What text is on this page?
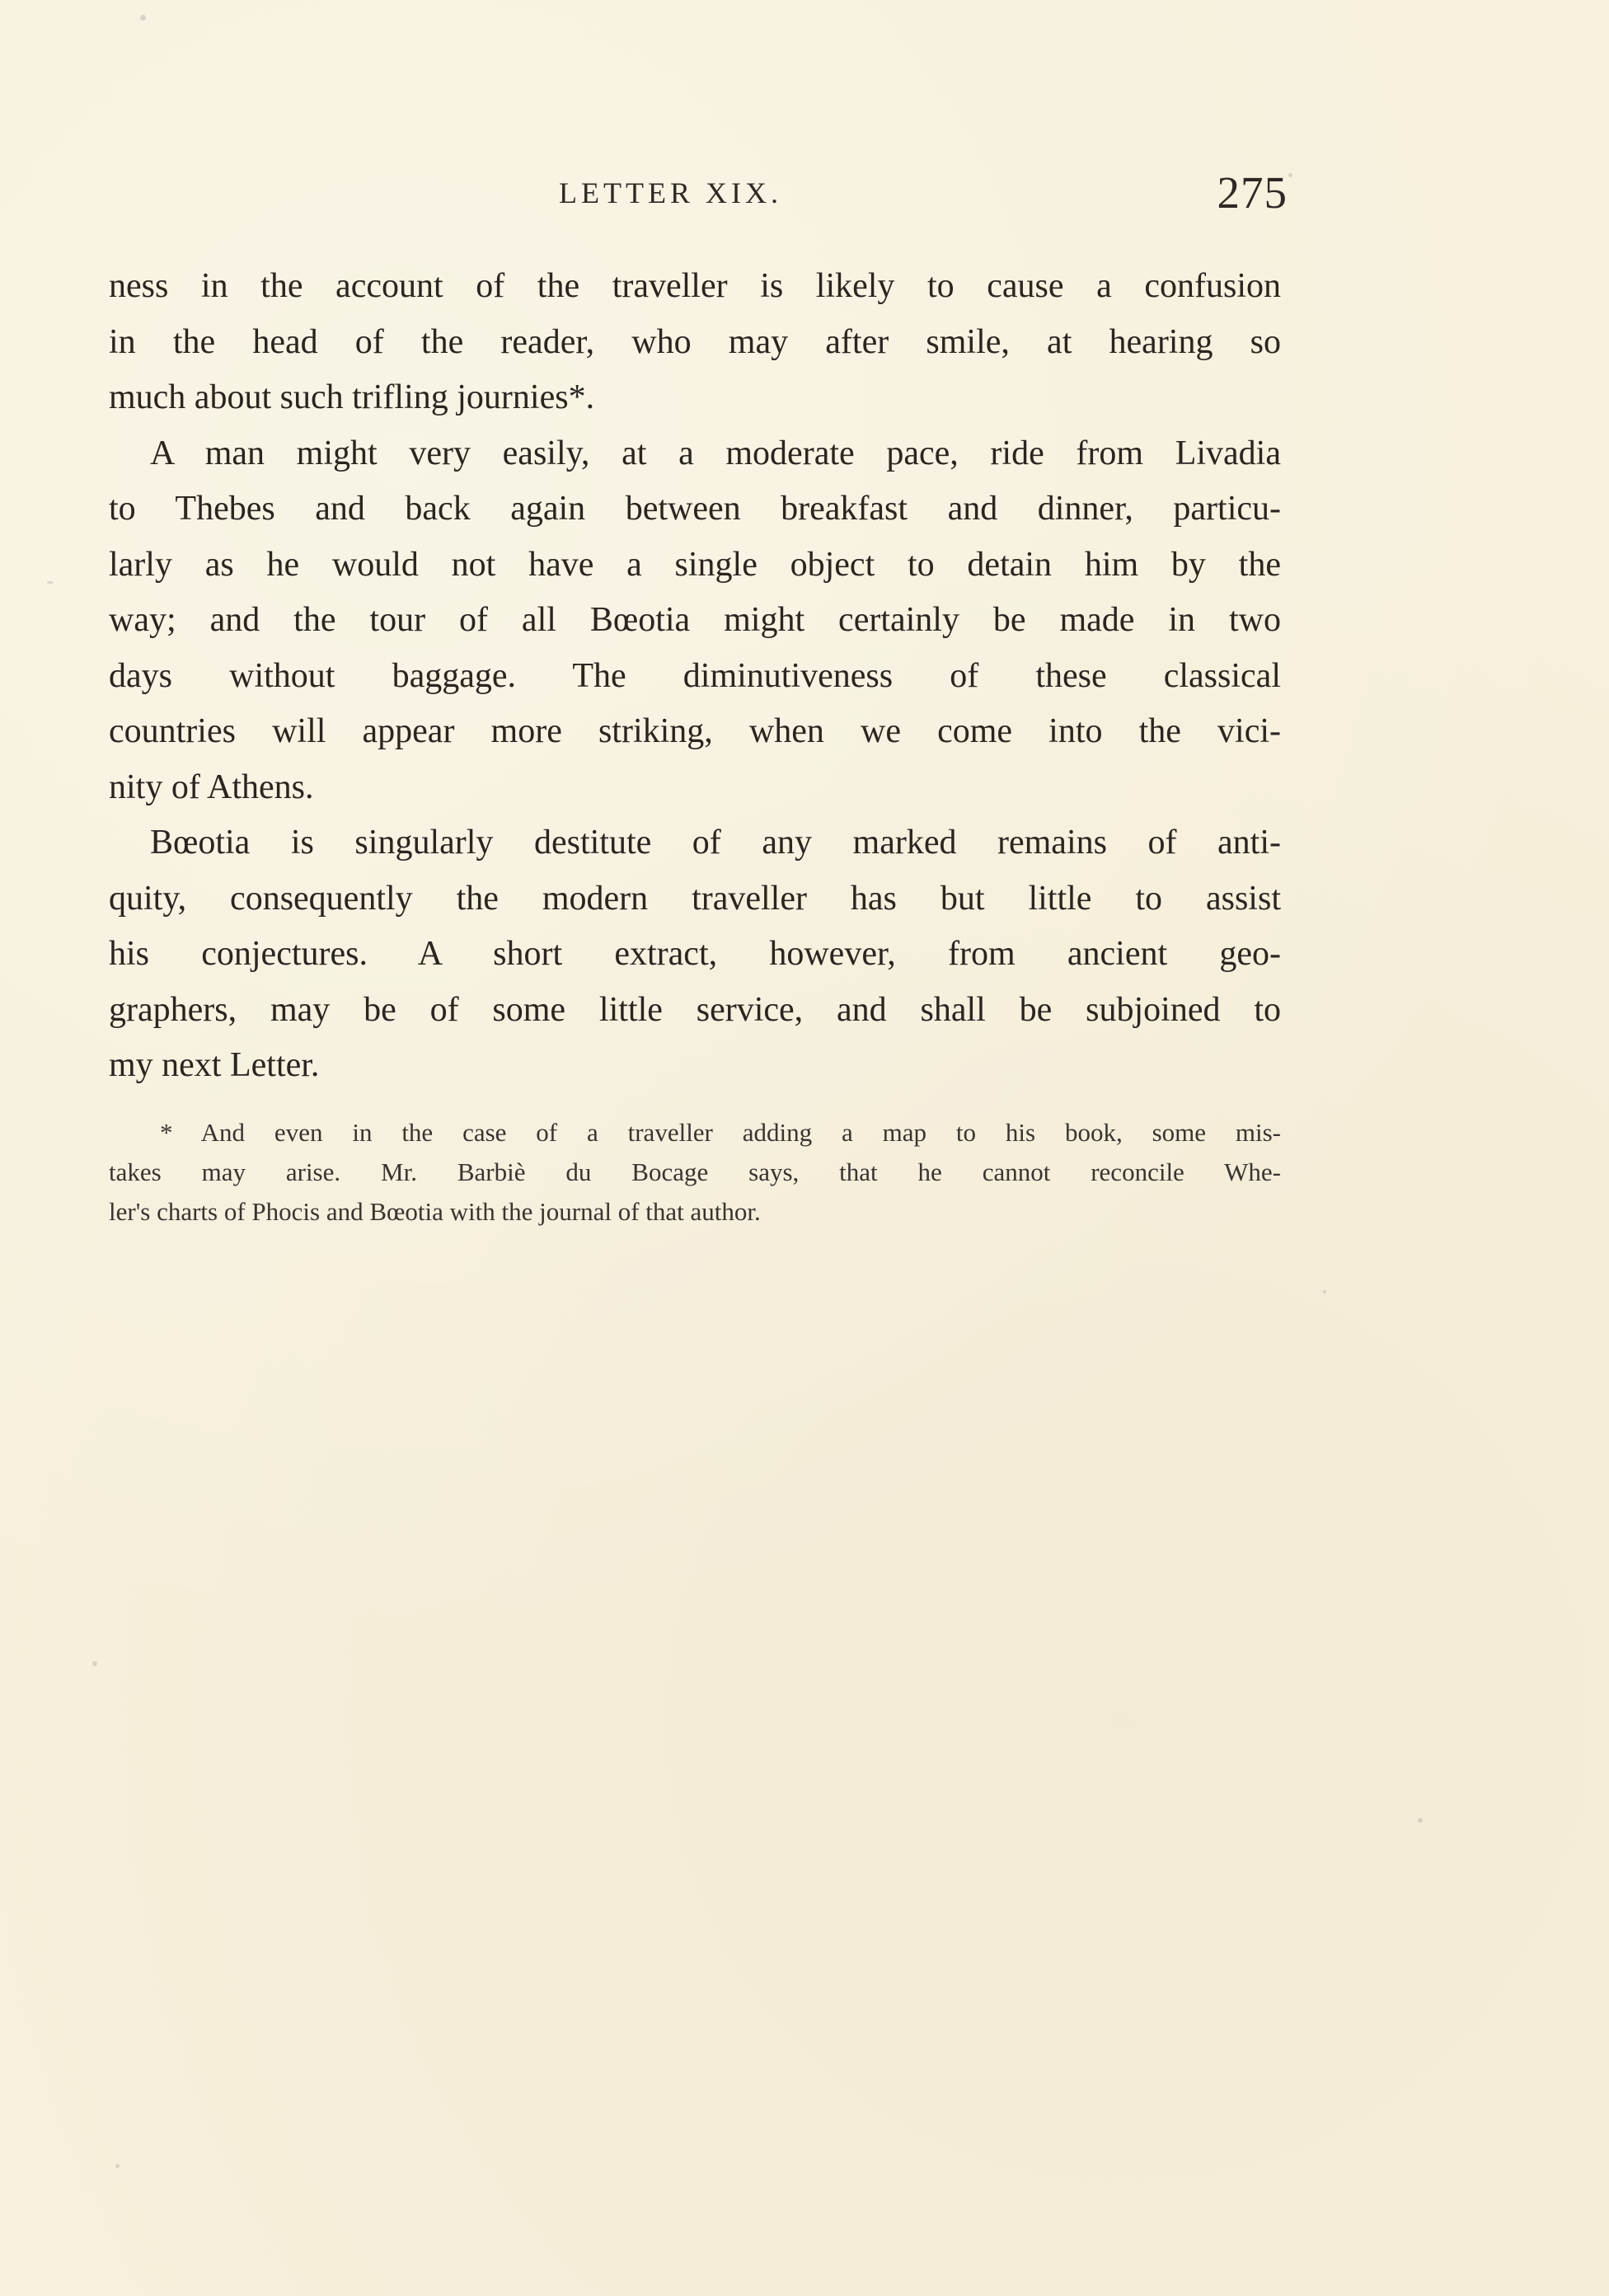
LETTER XIX.	275
ness in the account of the traveller is likely to cause a confusion
in the head of the reader, who may after smile, at hearing so
much about such trifling journies*.
A man might very easily, at a moderate pace, ride from Livadia
to Thebes and back again between breakfast and dinner, particu-
larly as he would not have a single object to detain him by the
way; and the tour of all Bœotia might certainly be made in two
days without baggage. The diminutiveness of these classical
countries will appear more striking, when we come into the vici-
nity of Athens.
Bœotia is singularly destitute of any marked remains of anti-
quity, consequently the modern traveller has but little to assist
his conjectures. A short extract, however, from ancient geo-
graphers, may be of some little service, and shall be subjoined to
my next Letter.
* And even in the case of a traveller adding a map to his book, some mis-
takes may arise. Mr. Barbiè du Bocage says, that he cannot reconcile Whe-
ler's charts of Phocis and Bœotia with the journal of that author.
